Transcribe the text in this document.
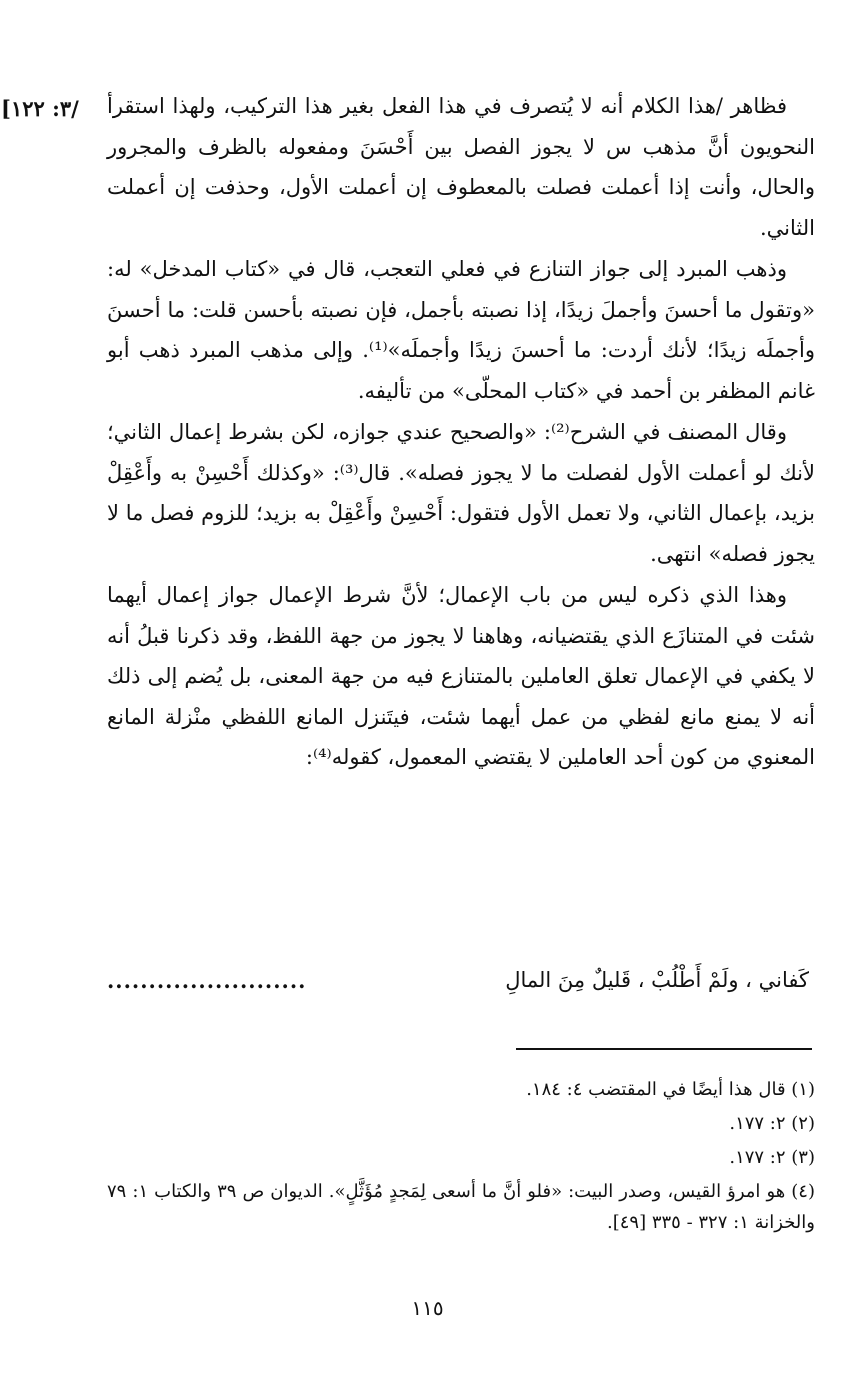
[٣: ١٢٢/	فظاهر /هذا الكلام أنه لا يُتصرف في هذا الفعل بغير هذا التركيب، ولهذا استقرأ النحويون أنَّ مذهب س لا يجوز الفصل بين أَحْسَنَ ومفعوله بالظرف والمجرور والحال، وأنت إذا أعملت فصلت بالمعطوف إن أعملت الأول، وحذفت إن أعملت الثاني.

وذهب المبرد إلى جواز التنازع في فعلي التعجب، قال في «كتاب المدخل» له: «وتقول ما أحسنَ وأجملَ زيدًا، إذا نصبته بأجمل، فإن نصبته بأحسن قلت: ما أحسنَ وأجملَه زيدًا؛ لأنك أردت: ما أحسنَ زيدًا وأجملَه»⁽¹⁾. وإلى مذهب المبرد ذهب أبو غانم المظفر بن أحمد في «كتاب المحلّى» من تأليفه.

وقال المصنف في الشرح⁽²⁾: «والصحيح عندي جوازه، لكن بشرط إعمال الثاني؛ لأنك لو أعملت الأول لفصلت ما لا يجوز فصله». قال⁽³⁾: «وكذلك أَحْسِنْ به وأَعْقِلْ بزيد، بإعمال الثاني، ولا تعمل الأول فتقول: أَحْسِنْ وأَعْقِلْ به بزيد؛ للزوم فصل ما لا يجوز فصله» انتهى.

وهذا الذي ذكره ليس من باب الإعمال؛ لأنَّ شرط الإعمال جواز إعمال أيهما شئت في المتنازَع الذي يقتضيانه، وهاهنا لا يجوز من جهة اللفظ، وقد ذكرنا قبلُ أنه لا يكفي في الإعمال تعلق العاملين بالمتنازع فيه من جهة المعنى، بل يُضم إلى ذلك أنه لا يمنع مانع لفظي من عمل أيهما شئت، فيتَنزل المانع اللفظي منْزلة المانع المعنوي من كون أحد العاملين لا يقتضي المعمول، كقوله⁽⁴⁾:

كَفاني ، ولَمْ أَطْلُبْ ، قَليلٌ مِنَ المالِ
........................

(١) قال هذا أيضًا في المقتضب ٤: ١٨٤.

(٢) ٢: ١٧٧.

(٣) ٢: ١٧٧.

(٤) هو امرؤ القيس، وصدر البيت: «فلو أنَّ ما أسعى لِمَجدٍ مُؤَثَّلٍ». الديوان ص ٣٩ والكتاب ١: ٧٩ والخزانة ١: ٣٢٧ - ٣٣٥ [٤٩].

١١٥
